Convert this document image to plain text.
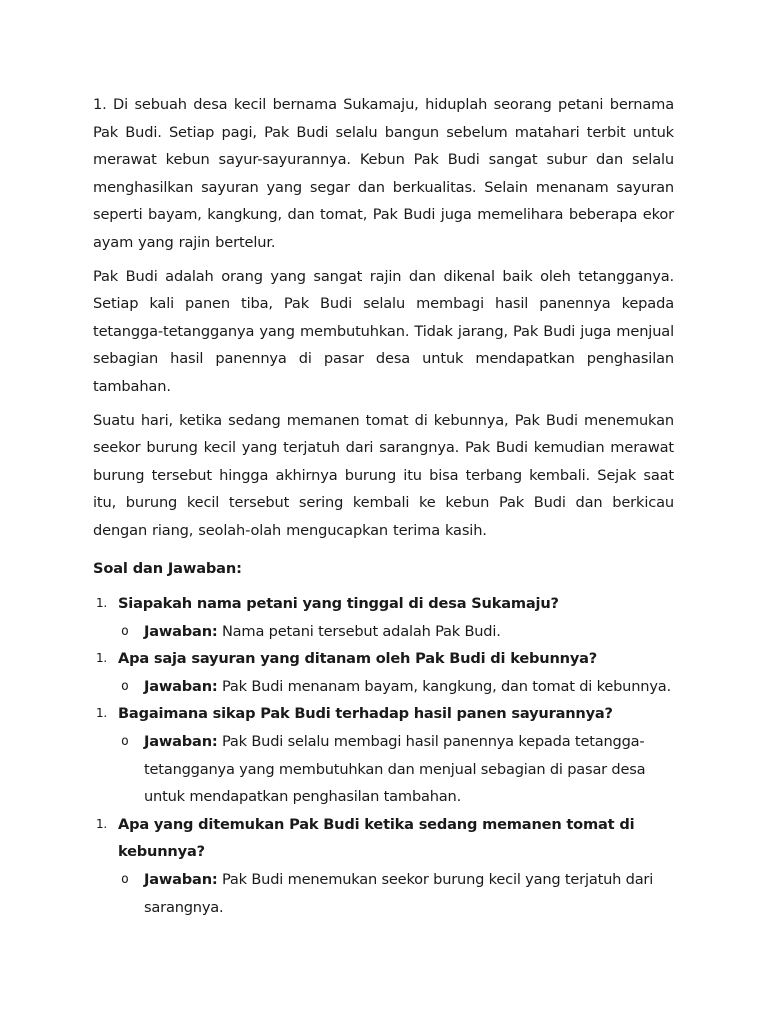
1. Di sebuah desa kecil bernama Sukamaju, hiduplah seorang petani bernama Pak Budi. Setiap pagi, Pak Budi selalu bangun sebelum matahari terbit untuk merawat kebun sayur-sayurannya. Kebun Pak Budi sangat subur dan selalu menghasilkan sayuran yang segar dan berkualitas. Selain menanam sayuran seperti bayam, kangkung, dan tomat, Pak Budi juga memelihara beberapa ekor ayam yang rajin bertelur.

Pak Budi adalah orang yang sangat rajin dan dikenal baik oleh tetangganya. Setiap kali panen tiba, Pak Budi selalu membagi hasil panennya kepada tetangga-tetangganya yang membutuhkan. Tidak jarang, Pak Budi juga menjual sebagian hasil panennya di pasar desa untuk mendapatkan penghasilan tambahan.

Suatu hari, ketika sedang memanen tomat di kebunnya, Pak Budi menemukan seekor burung kecil yang terjatuh dari sarangnya. Pak Budi kemudian merawat burung tersebut hingga akhirnya burung itu bisa terbang kembali. Sejak saat itu, burung kecil tersebut sering kembali ke kebun Pak Budi dan berkicau dengan riang, seolah-olah mengucapkan terima kasih.

Soal dan Jawaban:
1. Siapakah nama petani yang tinggal di desa Sukamaju?
o Jawaban: Nama petani tersebut adalah Pak Budi.
1. Apa saja sayuran yang ditanam oleh Pak Budi di kebunnya?
o Jawaban: Pak Budi menanam bayam, kangkung, dan tomat di kebunnya.
1. Bagaimana sikap Pak Budi terhadap hasil panen sayurannya?
o Jawaban: Pak Budi selalu membagi hasil panennya kepada tetangga-tetangganya yang membutuhkan dan menjual sebagian di pasar desa untuk mendapatkan penghasilan tambahan.
1. Apa yang ditemukan Pak Budi ketika sedang memanen tomat di kebunnya?
o Jawaban: Pak Budi menemukan seekor burung kecil yang terjatuh dari sarangnya.
